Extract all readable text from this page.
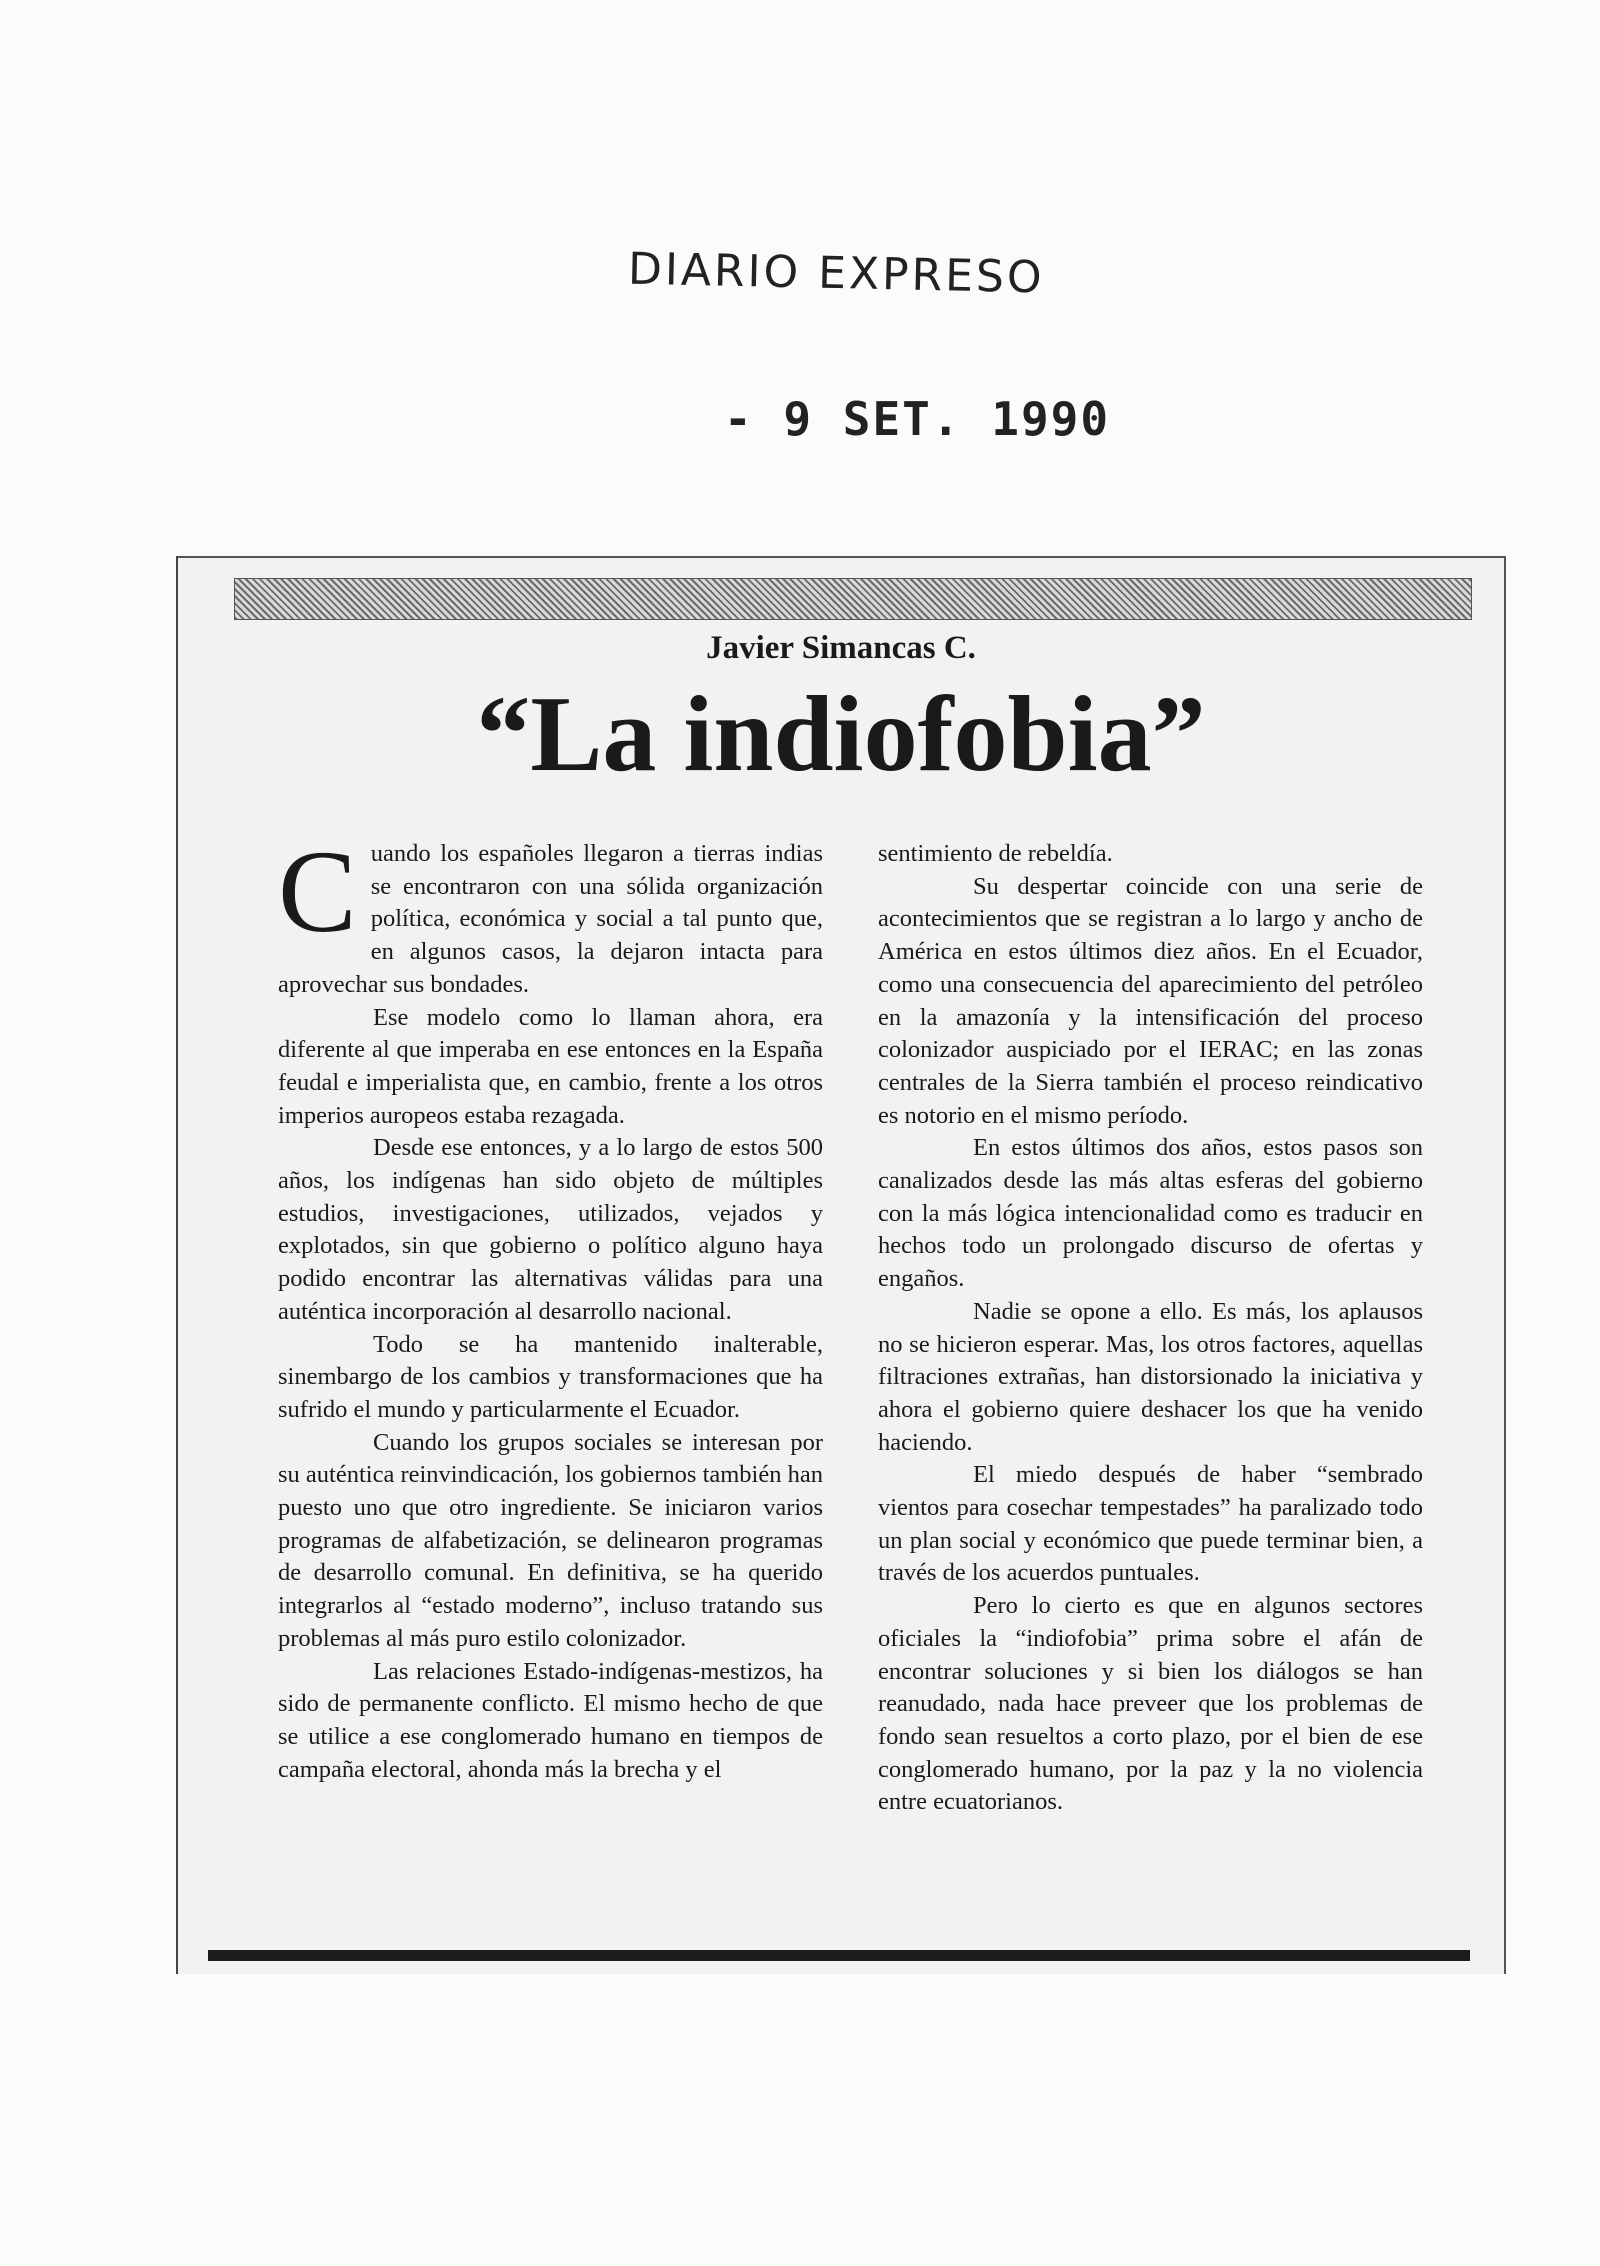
DIARIO EXPRESO
- 9 SET. 1990
Javier Simancas C.
“La indiofobia”

Cuando los españoles llegaron a tierras indias se encontraron con una sólida organización política, económica y social a tal punto que, en algunos casos, la dejaron intacta para aprovechar sus bondades.

Ese modelo como lo llaman ahora, era diferente al que imperaba en ese entonces en la España feudal e imperialista que, en cambio, frente a los otros imperios auropeos estaba rezagada.

Desde ese entonces, y a lo largo de estos 500 años, los indígenas han sido objeto de múltiples estudios, investigaciones, utilizados, vejados y explotados, sin que gobierno o político alguno haya podido encontrar las alternativas válidas para una auténtica incorporación al desarrollo nacional.

Todo se ha mantenido inalterable, sinembargo de los cambios y transformaciones que ha sufrido el mundo y particularmente el Ecuador.

Cuando los grupos sociales se interesan por su auténtica reinvindicación, los gobiernos también han puesto uno que otro ingrediente. Se iniciaron varios programas de alfabetización, se delinearon programas de desarrollo comunal. En definitiva, se ha querido integrarlos al “estado moderno”, incluso tratando sus problemas al más puro estilo colonizador.

Las relaciones Estado-indígenas-mestizos, ha sido de permanente conflicto. El mismo hecho de que se utilice a ese conglomerado humano en tiempos de campaña electoral, ahonda más la brecha y el

sentimiento de rebeldía.

Su despertar coincide con una serie de acontecimientos que se registran a lo largo y ancho de América en estos últimos diez años. En el Ecuador, como una consecuencia del aparecimiento del petróleo en la amazonía y la intensificación del proceso colonizador auspiciado por el IERAC; en las zonas centrales de la Sierra también el proceso reindicativo es notorio en el mismo período.

En estos últimos dos años, estos pasos son canalizados desde las más altas esferas del gobierno con la más lógica intencionalidad como es traducir en hechos todo un prolongado discurso de ofertas y engaños.

Nadie se opone a ello. Es más, los aplausos no se hicieron esperar. Mas, los otros factores, aquellas filtraciones extrañas, han distorsionado la iniciativa y ahora el gobierno quiere deshacer los que ha venido haciendo.

El miedo después de haber “sembrado vientos para cosechar tempestades” ha paralizado todo un plan social y económico que puede terminar bien, a través de los acuerdos puntuales.

Pero lo cierto es que en algunos sectores oficiales la “indiofobia” prima sobre el afán de encontrar soluciones y si bien los diálogos se han reanudado, nada hace preveer que los problemas de fondo sean resueltos a corto plazo, por el bien de ese conglomerado humano, por la paz y la no violencia entre ecuatorianos.
